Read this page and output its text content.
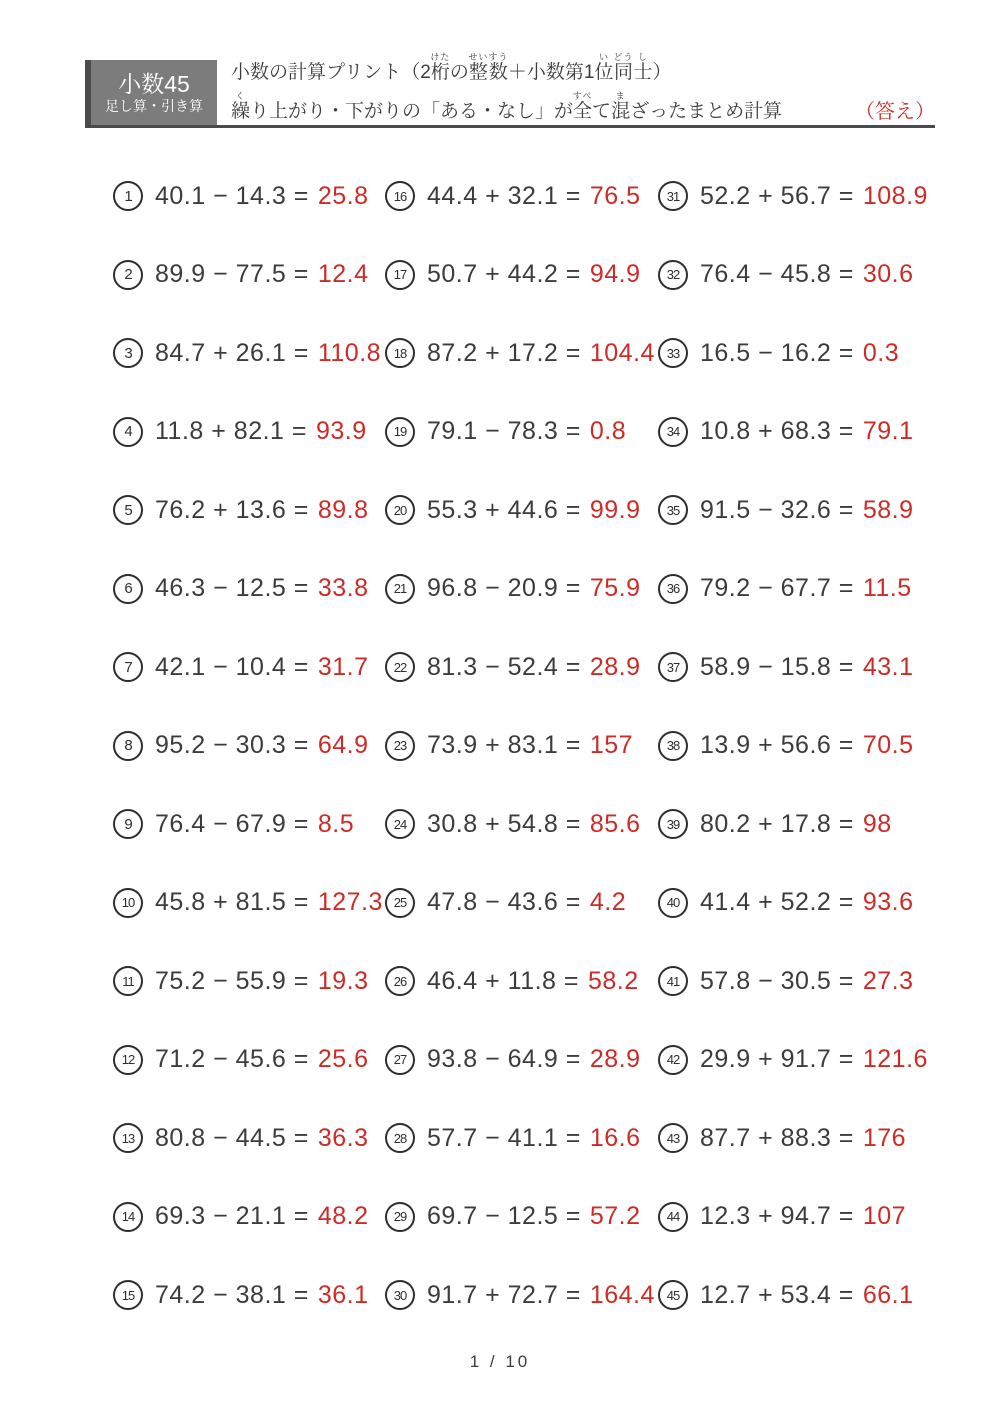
小数45
足し算・引き算
小数の計算プリント（2桁けたの整数せいすう＋小数第1位い同どう士し）
繰くり上がり・下がりの「ある・なし」が全すべて混まざったまとめ計算	（答え）
1 40.1 − 14.3 = 25.8
2 89.9 − 77.5 = 12.4
3 84.7 + 26.1 = 110.8
4 11.8 + 82.1 = 93.9
5 76.2 + 13.6 = 89.8
6 46.3 − 12.5 = 33.8
7 42.1 − 10.4 = 31.7
8 95.2 − 30.3 = 64.9
9 76.4 − 67.9 = 8.5
10 45.8 + 81.5 = 127.3
11 75.2 − 55.9 = 19.3
12 71.2 − 45.6 = 25.6
13 80.8 − 44.5 = 36.3
14 69.3 − 21.1 = 48.2
15 74.2 − 38.1 = 36.1
16 44.4 + 32.1 = 76.5
17 50.7 + 44.2 = 94.9
18 87.2 + 17.2 = 104.4
19 79.1 − 78.3 = 0.8
20 55.3 + 44.6 = 99.9
21 96.8 − 20.9 = 75.9
22 81.3 − 52.4 = 28.9
23 73.9 + 83.1 = 157
24 30.8 + 54.8 = 85.6
25 47.8 − 43.6 = 4.2
26 46.4 + 11.8 = 58.2
27 93.8 − 64.9 = 28.9
28 57.7 − 41.1 = 16.6
29 69.7 − 12.5 = 57.2
30 91.7 + 72.7 = 164.4
31 52.2 + 56.7 = 108.9
32 76.4 − 45.8 = 30.6
33 16.5 − 16.2 = 0.3
34 10.8 + 68.3 = 79.1
35 91.5 − 32.6 = 58.9
36 79.2 − 67.7 = 11.5
37 58.9 − 15.8 = 43.1
38 13.9 + 56.6 = 70.5
39 80.2 + 17.8 = 98
40 41.4 + 52.2 = 93.6
41 57.8 − 30.5 = 27.3
42 29.9 + 91.7 = 121.6
43 87.7 + 88.3 = 176
44 12.3 + 94.7 = 107
45 12.7 + 53.4 = 66.1
1 / 10
